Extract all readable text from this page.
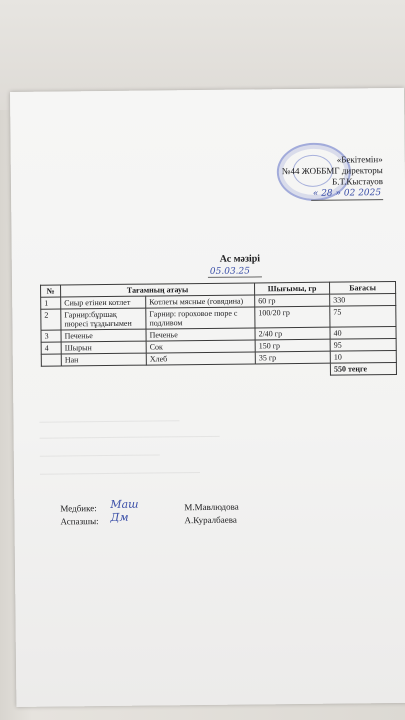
«Бекітемін»
№44 ЖОББМГ директоры
Б.Т.Кыстауов
« 28 » 02 2025
Ас мәзірі
05.03.25
№	Тағамның атауы		Шығымы, гр	Бағасы
1	Сиыр етінен котлет	Котлеты мясные (говядина)	60 гр	330
2	Гарнир:бұршақ пюресі тұздығымен	Гарнир: гороховое пюре с подливом	100/20 гр	75
3	Печенье	Печенье	2/40 гр	40
4	Шырын	Сок	150 гр	95
	Нан	Хлеб	35 гр	10
				550 теңге
Медбике: Маш	М.Мавлюдова
Аспазшы: Дм	А.Куралбаева
